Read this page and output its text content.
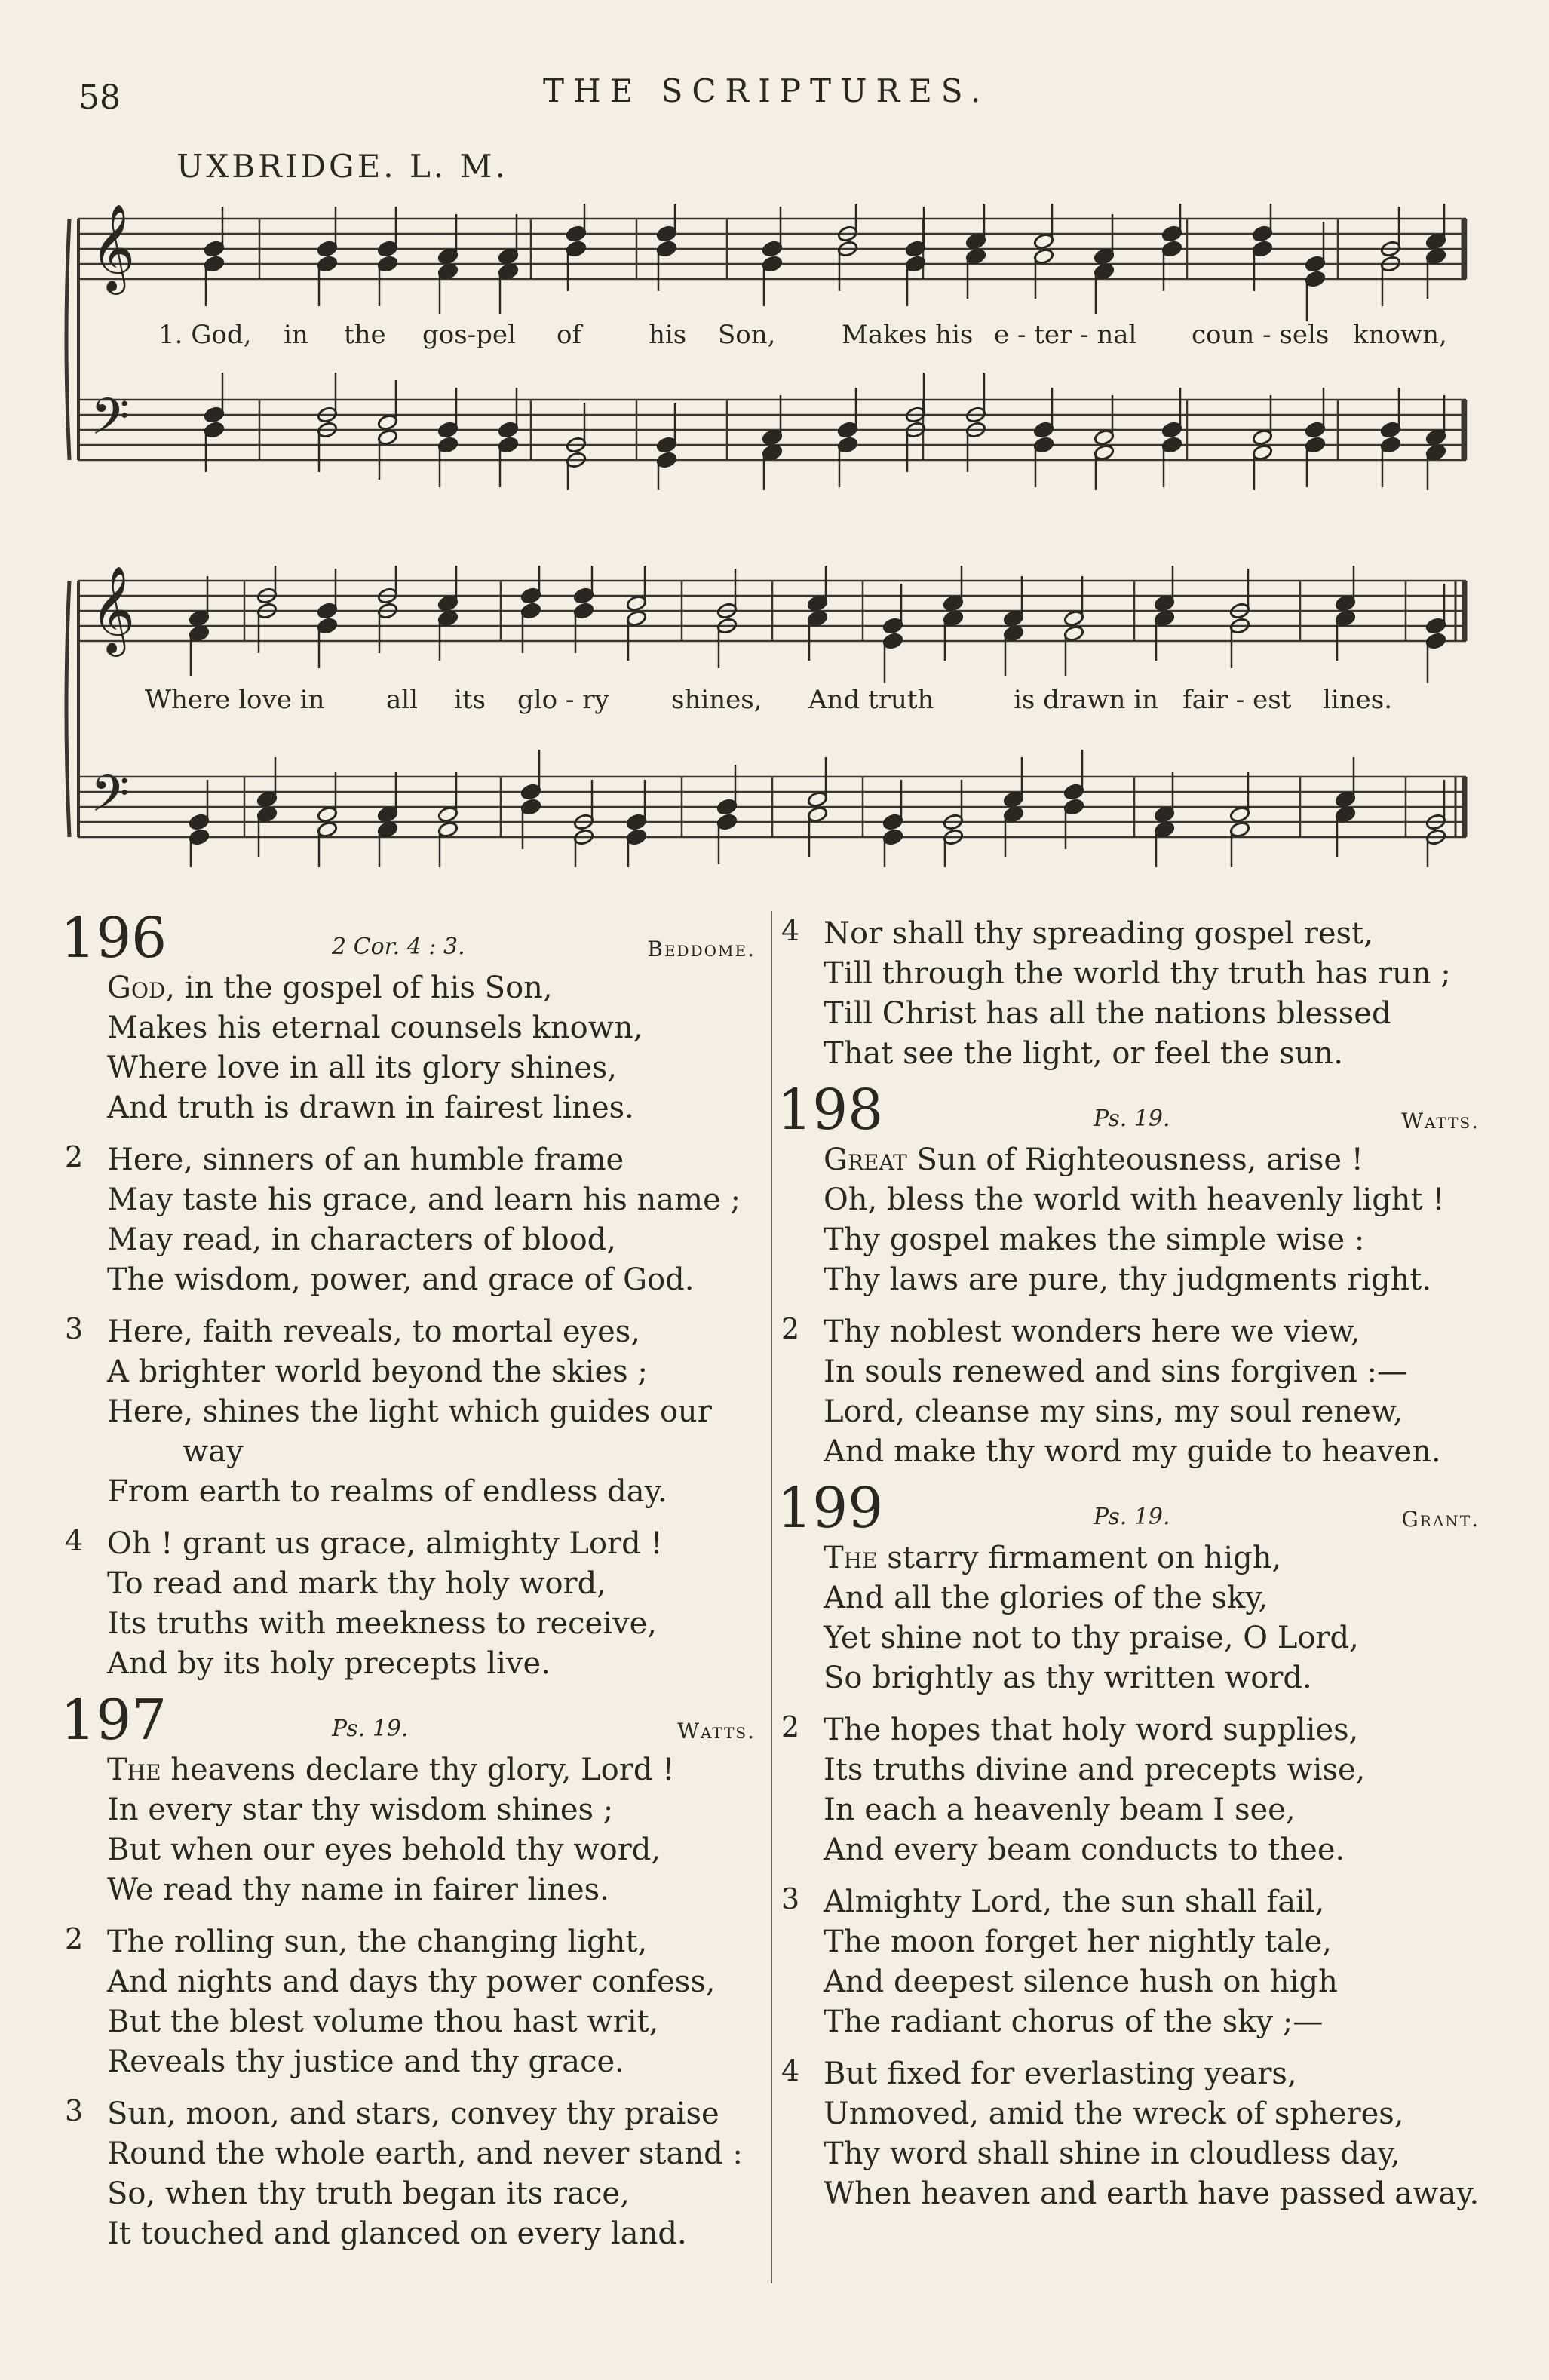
58	THE SCRIPTURES.
UXBRIDGE. L. M.
𝄞
𝄢
1. God, in the gos-pel of	his Son,	Makes his e - ter - nal coun - sels known,
𝄞
𝄢
Where love in all its glo - ry shines, And truth	is drawn in fair - est lines.
196	2 Cor. 4 : 3.	Beddome.
God, in the gospel of his Son,
Makes his eternal counsels known,
Where love in all its glory shines,
And truth is drawn in fairest lines.
2 Here, sinners of an humble frame
May taste his grace, and learn his name ;
May read, in characters of blood,
The wisdom, power, and grace of God.
3 Here, faith reveals, to mortal eyes,
A brighter world beyond the skies ;
Here, shines the light which guides our
way
From earth to realms of endless day.
4 Oh ! grant us grace, almighty Lord !
To read and mark thy holy word,
Its truths with meekness to receive,
And by its holy precepts live.
197	Ps. 19.	Watts.
The heavens declare thy glory, Lord !
In every star thy wisdom shines ;
But when our eyes behold thy word,
We read thy name in fairer lines.
2 The rolling sun, the changing light,
And nights and days thy power confess,
But the blest volume thou hast writ,
Reveals thy justice and thy grace.
3 Sun, moon, and stars, convey thy praise
Round the whole earth, and never stand :
So, when thy truth began its race,
It touched and glanced on every land.
4 Nor shall thy spreading gospel rest,
Till through the world thy truth has run ;
Till Christ has all the nations blessed
That see the light, or feel the sun.
198	Ps. 19.	Watts.
Great Sun of Righteousness, arise !
Oh, bless the world with heavenly light !
Thy gospel makes the simple wise :
Thy laws are pure, thy judgments right.
2 Thy noblest wonders here we view,
In souls renewed and sins forgiven :—
Lord, cleanse my sins, my soul renew,
And make thy word my guide to heaven.
199	Ps. 19.	Grant.
The starry firmament on high,
And all the glories of the sky,
Yet shine not to thy praise, O Lord,
So brightly as thy written word.
2 The hopes that holy word supplies,
Its truths divine and precepts wise,
In each a heavenly beam I see,
And every beam conducts to thee.
3 Almighty Lord, the sun shall fail,
The moon forget her nightly tale,
And deepest silence hush on high
The radiant chorus of the sky ;—
4 But fixed for everlasting years,
Unmoved, amid the wreck of spheres,
Thy word shall shine in cloudless day,
When heaven and earth have passed away.
